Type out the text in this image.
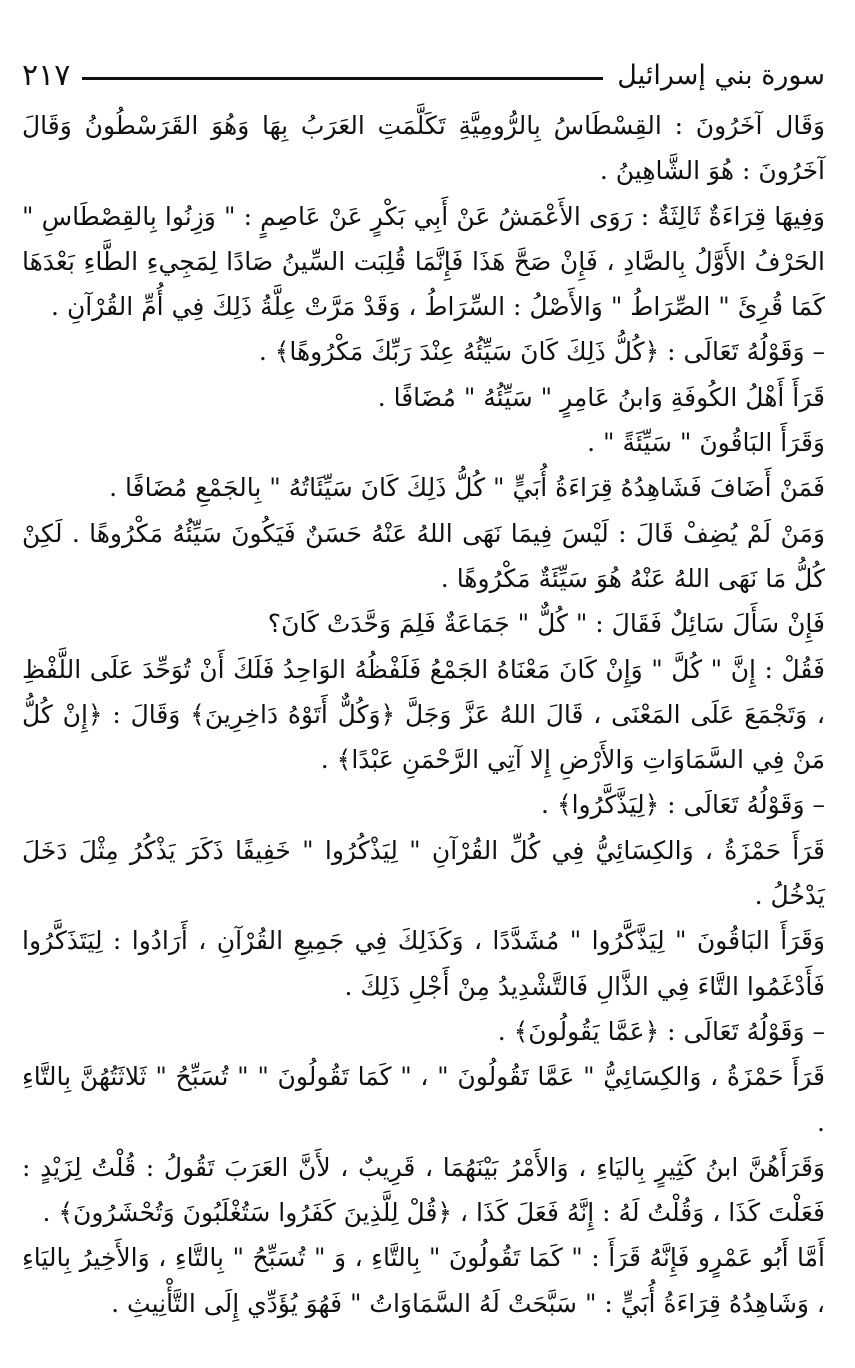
٢١٧	سورة بني إسرائيل

وَقَال آخَرُونَ : القِسْطَاسُ بِالرُّومِيَّةِ تَكَلَّمَتِ العَرَبُ بِهَا وَهُوَ القَرَسْطُونُ وَقَالَ آخَرُونَ : هُوَ الشَّاهِينُ .

وَفِيهَا قِرَاءَةٌ ثَالِثَةٌ : رَوَى الأَعْمَشُ عَنْ أَبِي بَكْرٍ عَنْ عَاصِمٍ : " وَزِنُوا بِالقِصْطَاسِ " الحَرْفُ الأَوَّلُ بِالصَّادِ ، فَإِنْ صَحَّ هَذَا فَإِنَّمَا قُلِبَت السِّينُ صَادًا لِمَجِيءِ الطَّاءِ بَعْدَهَا كَمَا قُرِئَ " الصِّرَاطُ " وَالأَصْلُ : السِّرَاطُ ، وَقَدْ مَرَّتْ عِلَّةُ ذَلِكَ فِي أُمِّ القُرْآنِ .

– وَقَوْلُهُ تَعَالَى : ﴿كُلُّ ذَلِكَ كَانَ سَيِّئُهُ عِنْدَ رَبِّكَ مَكْرُوهًا﴾ .

قَرَأَ أَهْلُ الكُوفَةِ وَابنُ عَامِرٍ " سَيِّئُهُ " مُضَافًا .

وَقَرَأَ البَاقُونَ " سَيِّئَةً " .

فَمَنْ أَضَافَ فَشَاهِدُهُ قِرَاءَةُ أُبَيٍّ " كُلُّ ذَلِكَ كَانَ سَيِّئَاتُهُ " بِالجَمْعِ مُضَافًا .

وَمَنْ لَمْ يُضِفْ قَالَ : لَيْسَ فِيمَا نَهَى اللهُ عَنْهُ حَسَنٌ فَيَكُونَ سَيِّئُهُ مَكْرُوهًا . لَكِنْ كُلُّ مَا نَهَى اللهُ عَنْهُ هُوَ سَيِّئَةٌ مَكْرُوهًا .

فَإِنْ سَأَلَ سَائِلٌ فَقَالَ : " كُلٌّ " جَمَاعَةٌ فَلِمَ وَحَّدَتْ كَانَ؟

فَقُلْ : إِنَّ " كُلَّ " وَإِنْ كَانَ مَعْنَاهُ الجَمْعُ فَلَفْظُهُ الوَاحِدُ فَلَكَ أَنْ تُوَحِّدَ عَلَى اللَّفْظِ ، وَتَجْمَعَ عَلَى المَعْنَى ، قَالَ اللهُ عَزَّ وَجَلَّ ﴿وَكُلٌّ أَتَوْهُ دَاخِرِينَ﴾ وَقَالَ : ﴿إِنْ كُلُّ مَنْ فِي السَّمَاوَاتِ وَالأَرْضِ إِلا آتِي الرَّحْمَنِ عَبْدًا﴾ .

– وَقَوْلُهُ تَعَالَى : ﴿لِيَذَّكَّرُوا﴾ .

قَرَأَ حَمْزَةُ ، وَالكِسَائِيُّ فِي كُلِّ القُرْآنِ " لِيَذْكُرُوا " خَفِيفًا ذَكَرَ يَذْكُرُ مِثْلَ دَخَلَ يَدْخُلُ .

وَقَرَأَ البَاقُونَ " لِيَذَّكَّرُوا " مُشَدَّدًا ، وَكَذَلِكَ فِي جَمِيعِ القُرْآنِ ، أَرَادُوا : لِيَتَذَكَّرُوا فَأَدْغَمُوا التَّاءَ فِي الذَّالِ فَالتَّشْدِيدُ مِنْ أَجْلِ ذَلِكَ .

– وَقَوْلُهُ تَعَالَى : ﴿عَمَّا يَقُولُونَ﴾ .

قَرَأَ حَمْزَةُ ، وَالكِسَائِيُّ " عَمَّا تَقُولُونَ " ، " كَمَا تَقُولُونَ " " تُسَبِّحُ " ثَلاثَتُهُنَّ بِالتَّاءِ .

وَقَرَأَهُنَّ ابنُ كَثِيرٍ بِاليَاءِ ، وَالأَمْرُ بَيْنَهُمَا ، قَرِيبٌ ، لأَنَّ العَرَبَ تَقُولُ : قُلْتُ لِزَيْدٍ : فَعَلْتَ كَذَا ، وَقُلْتُ لَهُ : إِنَّهُ فَعَلَ كَذَا ، ﴿قُلْ لِلَّذِينَ كَفَرُوا سَتُغْلَبُونَ وَتُحْشَرُونَ﴾ .

أَمَّا أَبُو عَمْرٍو فَإِنَّهُ قَرَأَ : " كَمَا تَقُولُونَ " بِالتَّاءِ ، وَ " تُسَبِّحُ " بِالتَّاءِ ، وَالأَخِيرُ بِاليَاءِ ، وَشَاهِدُهُ قِرَاءَةُ أُبَيٍّ : " سَبَّحَتْ لَهُ السَّمَاوَاتُ " فَهُوَ يُؤَدِّي إِلَى التَّأْنِيثِ .
